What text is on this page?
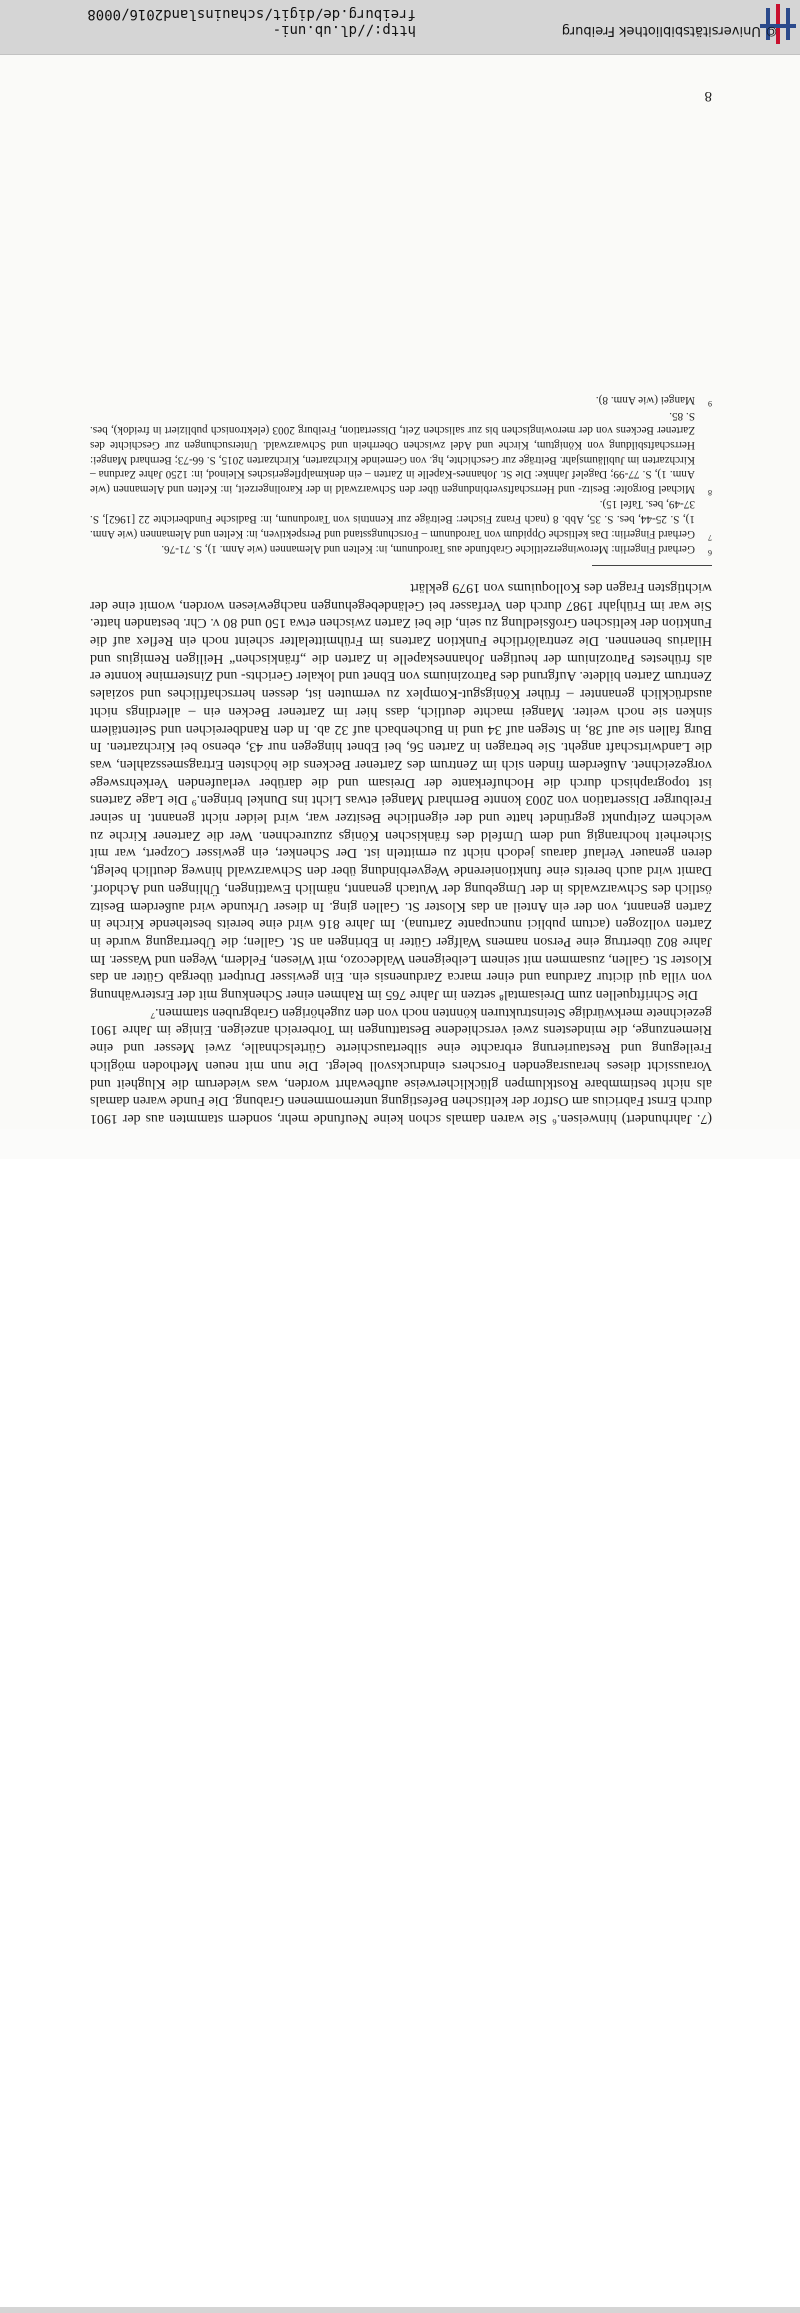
(7. Jahrhundert) hinweisen.⁶ Sie waren damals schon keine Neufunde mehr, sondern stammten aus der 1901 durch Ernst Fabricius am Ostfor der keltischen Befestigung unternommenen Grabung. Die Funde waren damals als nicht bestimmbare Rostklumpen glücklicherweise aufbewahrt worden, was wiederum die Klugheit und Voraussicht dieses herausragenden Forschers eindrucksvoll belegt. Die nun mit neuen Methoden möglich Freilegung und Restaurierung erbrachte eine silbertauschierte Gürtelschnalle, zwei Messer und eine Riemenzunge, die mindestens zwei verschiedene Bestattungen im Torbereich anzeigen. Einige im Jahre 1901 gezeichnete merkwürdige Steinstrukturen könnten noch von den zugehörigen Grabgruben stammen.⁷

Die Schriftquellen zum Dreisamtal⁸ setzen im Jahre 765 im Rahmen einer Schenkung mit der Ersterwähnung von villa qui dicitur Zarduna und einer marca Zardunensis ein. Ein gewisser Drutpert übergab Güter an das Kloster St. Gallen, zusammen mit seinem Leibeigenen Waldecozo, mit Wiesen, Feldern, Wegen und Wasser. Im Jahre 802 übertrug eine Person namens Walfger Güter in Ebringen an St. Gallen; die Übertragung wurde in Zarten vollzogen (actum publici nuncupante Zartuna). Im Jahre 816 wird eine bereits bestehende Kirche in Zarten genannt, von der ein Anteil an das Kloster St. Gallen ging. In dieser Urkunde wird außerdem Besitz östlich des Schwarzwalds in der Umgebung der Wutach genannt, nämlich Ewattingen, Ühlingen und Achdorf. Damit wird auch bereits eine funktionierende Wegverbindung über den Schwarzwald hinweg deutlich belegt, deren genauer Verlauf daraus jedoch nicht zu ermitteln ist. Der Schenker, ein gewisser Cozpert, war mit Sicherheit hochrangig und dem Umfeld des fränkischen Königs zuzurechnen. Wer die Zartener Kirche zu welchem Zeitpunkt gegründet hatte und der eigentliche Besitzer war, wird leider nicht genannt. In seiner Freiburger Dissertation von 2003 konnte Bernhard Mangei etwas Licht ins Dunkel bringen.⁹ Die Lage Zartens ist topographisch durch die Hochuferkante der Dreisam und die darüber verlaufenden Verkehrswege vorgezeichnet. Außerdem finden sich im Zentrum des Zartener Beckens die höchsten Ertragsmesszahlen, was die Landwirtschaft angeht. Sie betragen in Zarten 56, bei Ebnet hingegen nur 43, ebenso bei Kirchzarten. In Burg fallen sie auf 38, in Stegen auf 34 und in Buchenbach auf 32 ab. In den Randbereichen und Seitentälern sinken sie noch weiter. Mangei machte deutlich, dass hier im Zartener Becken ein – allerdings nicht ausdrücklich genannter – früher Königsgut-Komplex zu vermuten ist, dessen herrschaftliches und soziales Zentrum Zarten bildete. Aufgrund des Patroziniums von Ebnet und lokaler Gerichts- und Zinstermine konnte er als frühestes Patrozinium der heutigen Johanneskapelle in Zarten die „fränkischen“ Heiligen Remigius und Hilarius benennen. Die zentralörtliche Funktion Zartens im Frühmittelalter scheint noch ein Reflex auf die Funktion der keltischen Großsiedlung zu sein, die bei Zarten zwischen etwa 150 und 80 v. Chr. bestanden hatte. Sie war im Frühjahr 1987 durch den Verfasser bei Geländebegehungen nachgewiesen worden, womit eine der wichtigsten Fragen des Kolloquiums von 1979 geklärt

6
Gerhard Fingerlin: Merowingerzeitliche Grabfunde aus Tarodunum, in: Kelten und Alemannen (wie Anm. 1), S. 71-76.
7
Gerhard Fingerlin: Das keltische Oppidum von Tarodunum – Forschungsstand und Perspektiven, in: Kelten und Alemannen (wie Anm. 1), S. 25-44, bes. S. 35, Abb. 8 (nach Franz Fischer: Beiträge zur Kenntnis von Tarodunum, in: Badische Fundberichte 22 [1962], S. 37-49, bes. Tafel 15).
8
Michael Borgolte: Besitz- und Herrschaftsverbindungen über den Schwarzwald in der Karolingerzeit, in: Kelten und Alemannen (wie Anm. 1), S. 77-99; Dagelef Jahnke: Die St. Johannes-Kapelle in Zarten – ein denkmalpflegerisches Kleinod, in: 1250 Jahre Zarduna – Kirchzarten im Jubiläumsjahr. Beiträge zur Geschichte, hg. von Gemeinde Kirchzarten, Kirchzarten 2015, S. 66-73; Bernhard Mangei: Herrschaftsbildung von Königtum, Kirche und Adel zwischen Oberrhein und Schwarzwald. Untersuchungen zur Geschichte des Zartener Beckens von der merowingischen bis zur salischen Zeit, Dissertation, Freiburg 2003 (elektronisch publiziert in freidok), bes. S. 85.
9
Mangei (wie Anm. 8).
8
© Universitätsbibliothek Freiburg
http://dl.ub.uni-freiburg.de/digit/schauinsland2016/0008
